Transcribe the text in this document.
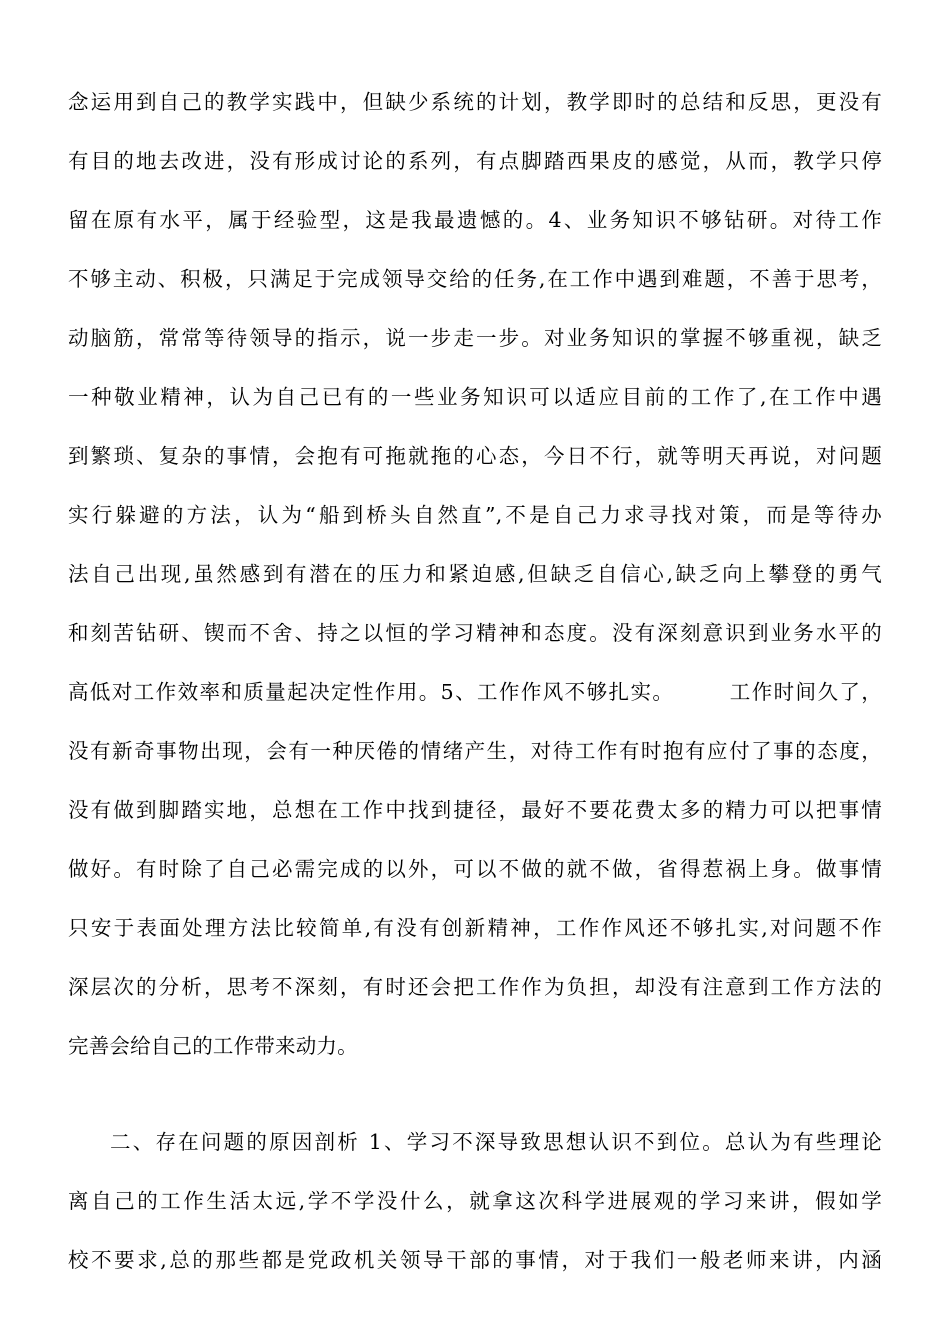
念运用到自己的教学实践中，但缺少系统的计划，教学即时的总结和反思，更没有
有目的地去改进，没有形成讨论的系列，有点脚踏西果皮的感觉，从而，教学只停
留在原有水平，属于经验型，这是我最遗憾的。4、业务知识不够钻研。对待工作
不够主动、积极，只满足于完成领导交给的任务,在工作中遇到难题，不善于思考，
动脑筋，常常等待领导的指示，说一步走一步。对业务知识的掌握不够重视，缺乏
一种敬业精神，认为自己已有的一些业务知识可以适应目前的工作了,在工作中遇
到繁琐、复杂的事情，会抱有可拖就拖的心态，今日不行，就等明天再说，对问题
实行躲避的方法，认为“船到桥头自然直”,不是自己力求寻找对策，而是等待办
法自己出现,虽然感到有潜在的压力和紧迫感,但缺乏自信心,缺乏向上攀登的勇气
和刻苦钻研、锲而不舍、持之以恒的学习精神和态度。没有深刻意识到业务水平的
高低对工作效率和质量起决定性作用。5、工作作风不够扎实。　　　工作时间久了，
没有新奇事物出现，会有一种厌倦的情绪产生，对待工作有时抱有应付了事的态度，
没有做到脚踏实地，总想在工作中找到捷径，最好不要花费太多的精力可以把事情
做好。有时除了自己必需完成的以外，可以不做的就不做，省得惹祸上身。做事情
只安于表面处理方法比较简单,有没有创新精神，工作作风还不够扎实,对问题不作
深层次的分析，思考不深刻，有时还会把工作作为负担，却没有注意到工作方法的
完善会给自己的工作带来动力。
二、存在问题的原因剖析 1、学习不深导致思想认识不到位。总认为有些理论
离自己的工作生活太远,学不学没什么，就拿这次科学进展观的学习来讲，假如学
校不要求,总的那些都是党政机关领导干部的事情，对于我们一般老师来讲，内涵
